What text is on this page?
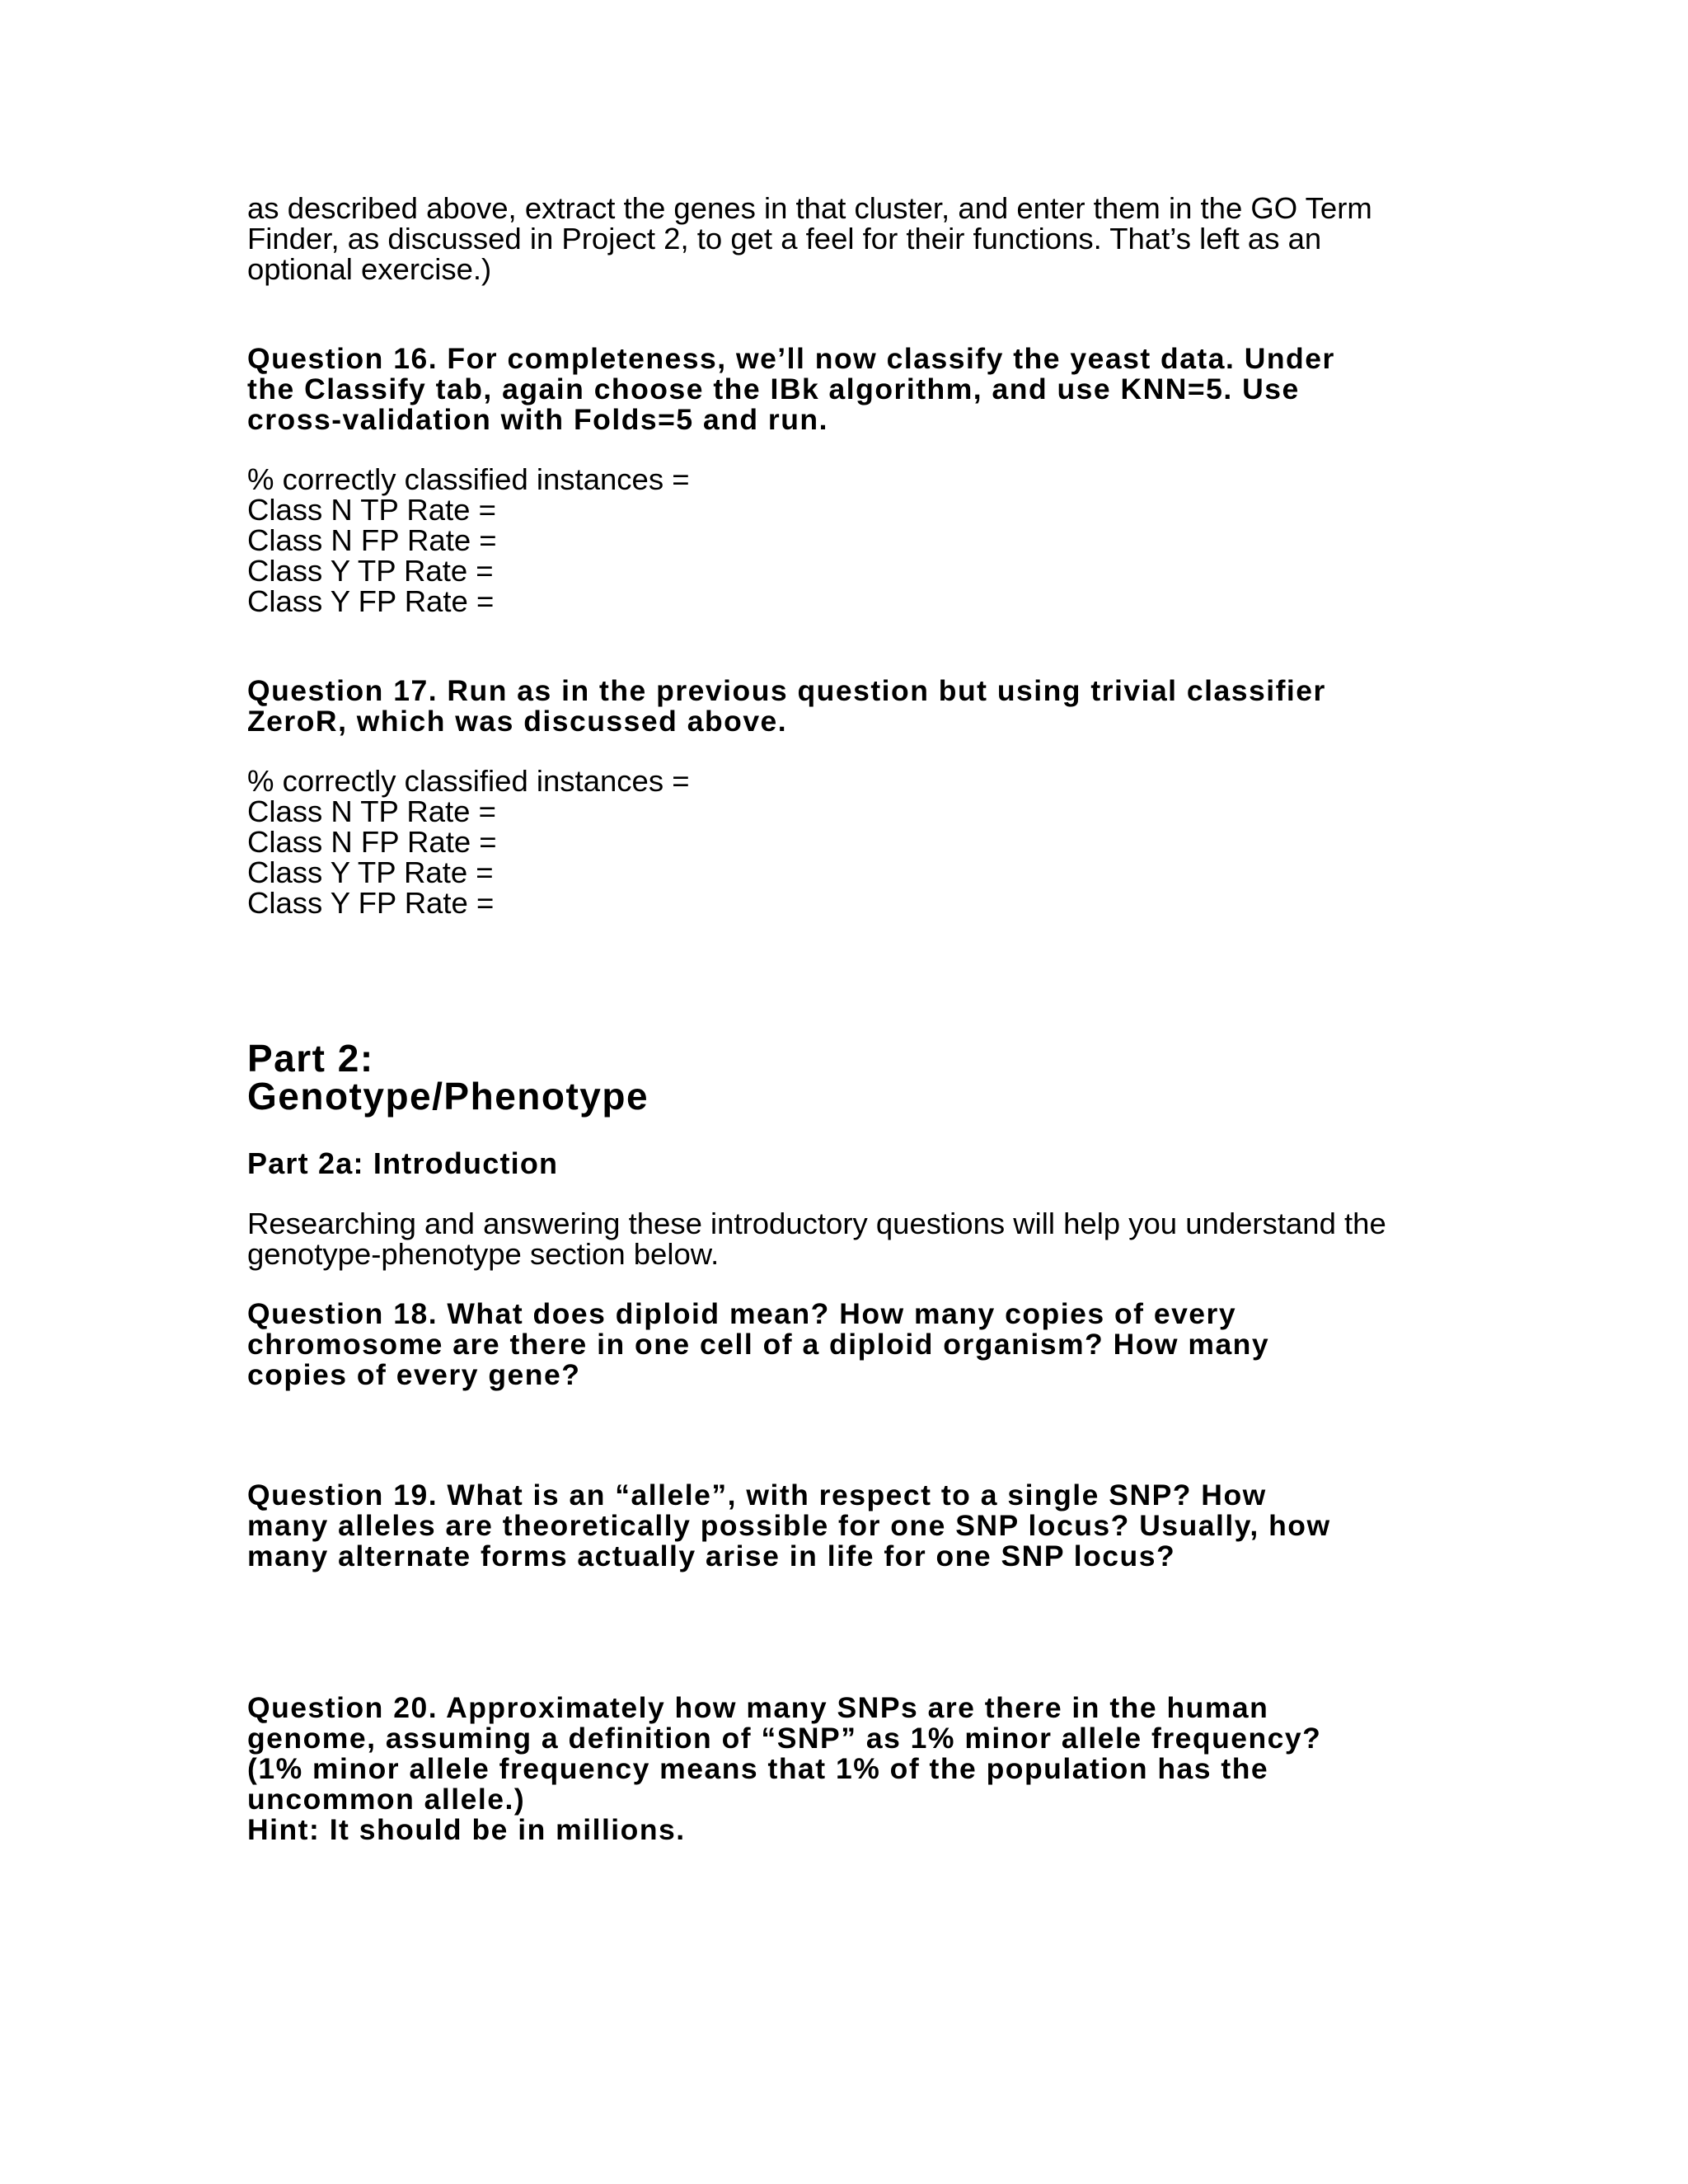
as described above, extract the genes in that cluster, and enter them in the GO Term
Finder, as discussed in Project 2, to get a feel for their functions. That’s left as an
optional exercise.)
Question 16. For completeness, we’ll now classify the yeast data. Under
the Classify tab, again choose the IBk algorithm, and use KNN=5. Use
cross-validation with Folds=5 and run.
% correctly classified instances =
Class N TP Rate =
Class N FP Rate =
Class Y TP Rate =
Class Y FP Rate =
Question 17. Run as in the previous question but using trivial classifier
ZeroR, which was discussed above.
% correctly classified instances =
Class N TP Rate =
Class N FP Rate =
Class Y TP Rate =
Class Y FP Rate =
Part 2:
Genotype/Phenotype
Part 2a: Introduction
Researching and answering these introductory questions will help you understand the
genotype-phenotype section below.
Question 18. What does diploid mean? How many copies of every
chromosome are there in one cell of a diploid organism? How many
copies of every gene?
Question 19. What is an “allele”, with respect to a single SNP? How
many alleles are theoretically possible for one SNP locus? Usually, how
many alternate forms actually arise in life for one SNP locus?
Question 20. Approximately how many SNPs are there in the human
genome, assuming a definition of “SNP” as 1% minor allele frequency?
(1% minor allele frequency means that 1% of the population has the
uncommon allele.)
Hint: It should be in millions.
